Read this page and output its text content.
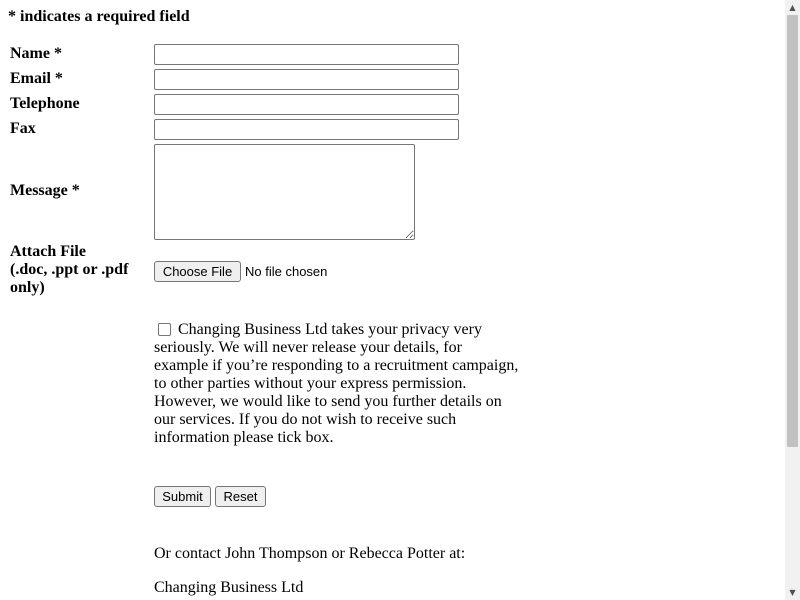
* indicates a required field
Name *
Email *
Telephone
Fax
Message *
Attach File
(.doc, .ppt or .pdf
only)
Choose File No file chosen
Changing Business Ltd takes your privacy very seriously. We will never release your details, for example if you’re responding to a recruitment campaign, to other parties without your express permission. However, we would like to send you further details on our services. If you do not wish to receive such information please tick box.
Submit	Reset
Or contact John Thompson or Rebecca Potter at:
Changing Business Ltd
▲
▼
